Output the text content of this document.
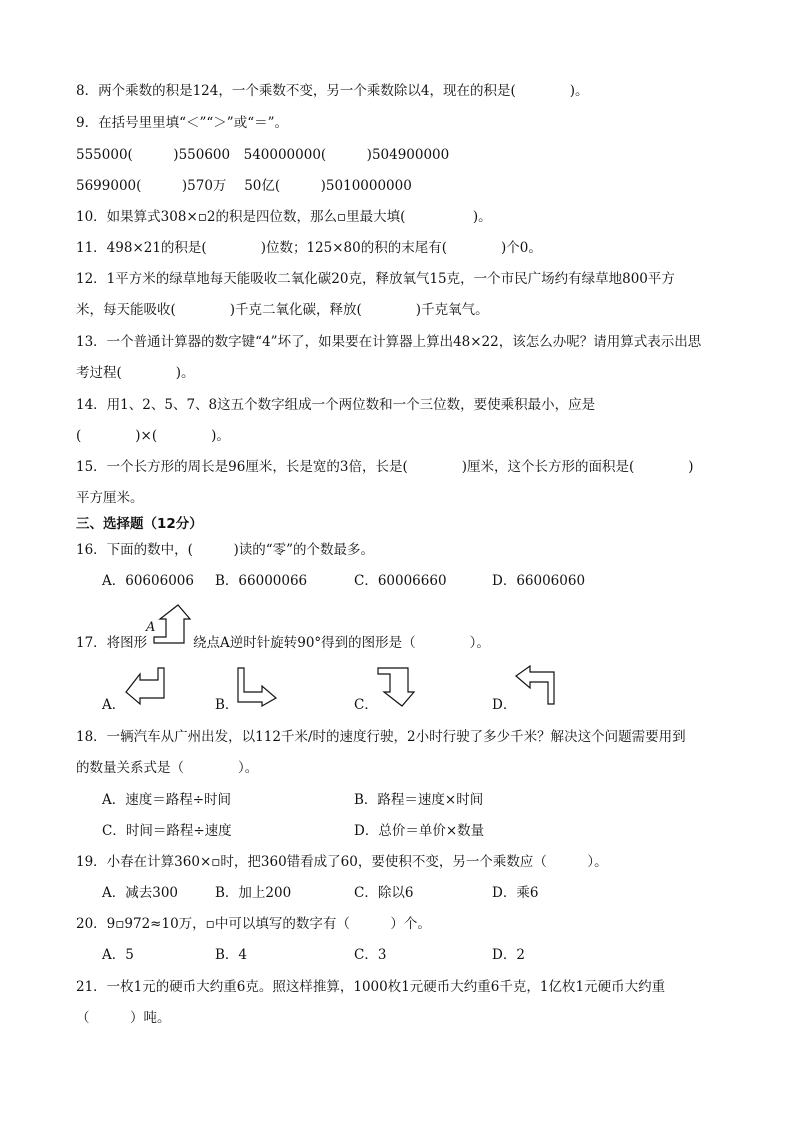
8．两个乘数的积是124，一个乘数不变，另一个乘数除以4，现在的积是(　　　　)。
9．在括号里里填“＜”“＞”或“＝”。
555000(　　　)550600　540000000(　　　)504900000
5699000(　　　)570万　 50亿(　　　)5010000000
10．如果算式308×▫2的积是四位数，那么▫里最大填(　　　　　)。
11．498×21的积是(　　　　)位数；125×80的积的末尾有(　　　　)个0。
12．1平方米的绿草地每天能吸收二氧化碳20克，释放氧气15克，一个市民广场约有绿草地800平方
米，每天能吸收(　　　　)千克二氧化碳，释放(　　　　)千克氧气。
13．一个普通计算器的数字键“4”坏了，如果要在计算器上算出48×22，该怎么办呢？请用算式表示出思
考过程(　　　　)。
14．用1、2、5、7、8这五个数字组成一个两位数和一个三位数，要使乘积最小，应是
(　　　　)×(　　　　)。
15．一个长方形的周长是96厘米，长是宽的3倍，长是(　　　　)厘米，这个长方形的面积是(　　　　)
平方厘米。
三、选择题（12分）
16．下面的数中，(　　　)读的“零”的个数最多。
A．60606006 B．66000066	C．60006660	D．66006060
17．将图形
A
绕点A逆时针旋转90°得到的图形是（　　　　）。
A．	B．	C．	D．
18．一辆汽车从广州出发，以112千米/时的速度行驶，2小时行驶了多少千米？解决这个问题需要用到
的数量关系式是（　　　　）。
A．速度＝路程÷时间	B．路程＝速度×时间
C．时间＝路程÷速度	D．总价＝单价×数量
19．小春在计算360×▫时，把360错看成了60，要使积不变，另一个乘数应（　　　）。
A．减去300	B．加上200	C．除以6	D．乘6
20．9▫972≈10万，▫中可以填写的数字有（　　　）个。
A．5	B．4	C．3	D．2
21．一枚1元的硬币大约重6克。照这样推算，1000枚1元硬币大约重6千克，1亿枚1元硬币大约重
（　　　）吨。
